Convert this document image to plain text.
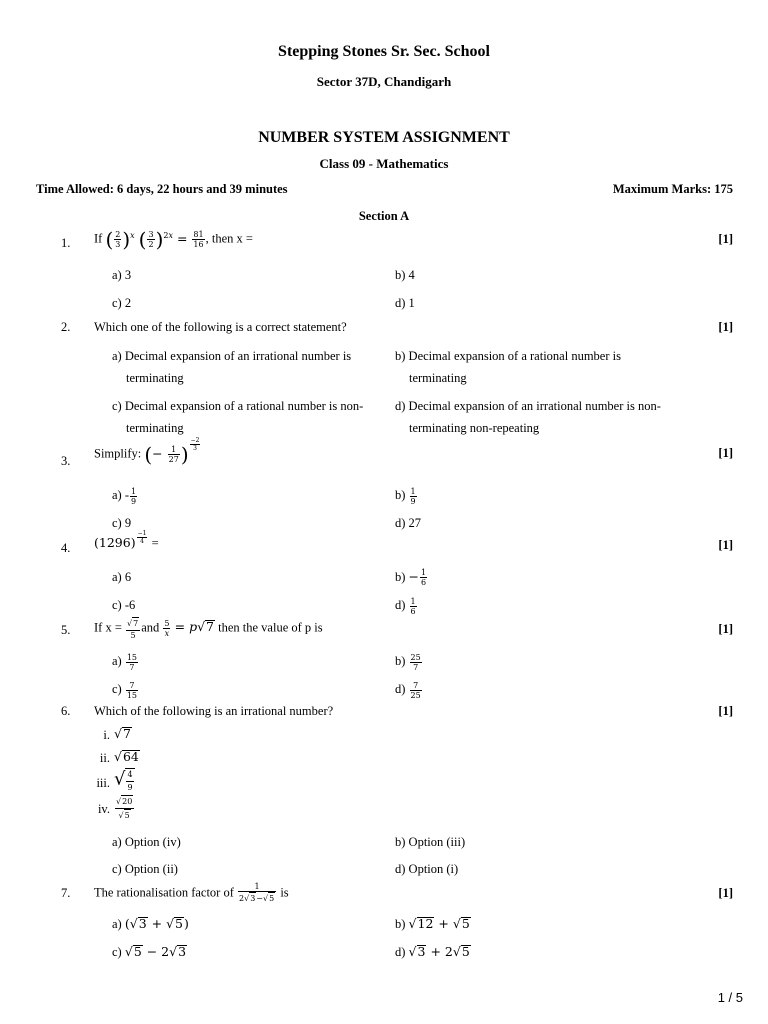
Stepping Stones Sr. Sec. School
Sector 37D, Chandigarh
NUMBER SYSTEM ASSIGNMENT
Class 09 - Mathematics
Time Allowed: 6 days, 22 hours and 39 minutes	Maximum Marks: 175
Section A
1. If ( $\frac{2}{3} )^x$ ( $\frac{3}{2} )^{2x} = \frac{81}{16}$ , then x =	[1]
a) 3	b) 4
c) 2	d) 1
2. Which one of the following is a correct statement?	[1]
a) Decimal expansion of an irrational number is terminating
b) Decimal expansion of a rational number is terminating
c) Decimal expansion of a rational number is non-terminating
d) Decimal expansion of an irrational number is non-terminating non-repeating
3.
Simplify: (− $\frac{1}{27}$ ) $^{\frac{-2}{3}}$
[1]
$a) - \frac{1}{9}$	$b) \frac{1}{9}$
c) 9	d) 27
4. (1296) $^{\frac{-1}{4}}$ =	[1]
a) 6	$b) - \frac{1}{6}$
c) -6	$d) \frac{1}{6}$
5. If $x = \frac{√7}{5}$ and $\frac{5}{x} = p√7$ then the value of p is	[1]
$a) \frac{15}{7}$	$b) \frac{25}{7}$
$c) \frac{7}{15}$	$d) \frac{7}{25}$
6. Which of the following is an irrational number?	[1]
i. √7
ii. √64
iii. √ $\frac{4}{9}$
iv. $\frac{√20}{√5}$
a) Option (iv)	b) Option (iii)
c) Option (ii)	d) Option (i)
7. The rationalisation factor of $\frac{1}{2√3-√5}$ is	[1]
a) (√3 + √5)	b) √12 + √5
c) √5 − 2√3	d) √3 + 2√5
1 / 5
